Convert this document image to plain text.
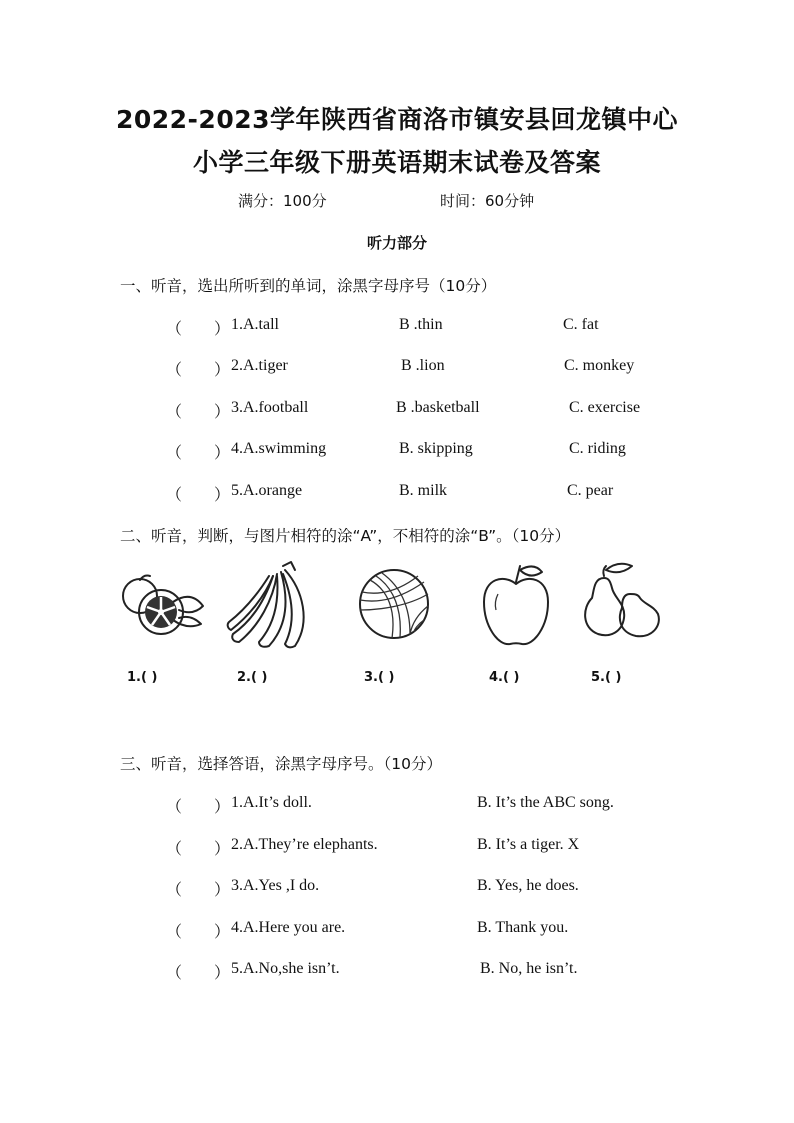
2022-2023学年陕西省商洛市镇安县回龙镇中心
小学三年级下册英语期末试卷及答案
满分：100分	时间：60分钟
听力部分
一、听音，选出所听到的单词，涂黑字母序号（10分）
（ ） 1.A.tall	B .thin	C. fat
（ ） 2.A.tiger	B .lion	C. monkey
（ ） 3.A.football	B .basketball	C. exercise
（ ） 4.A.swimming	B. skipping	C. riding
（ ） 5.A.orange	B. milk	C. pear
二、听音，判断，与图片相符的涂“A”，不相符的涂“B”。（10分）
1.( )	2.( )	3.( )	4.( )	5.( )
三、听音，选择答语，涂黑字母序号。（10分）
（ ） 1.A.It’s doll.	B. It’s the ABC song.
（ ） 2.A.They’re elephants.	B. It’s a tiger. X
（ ） 3.A.Yes ,I do.	B. Yes, he does.
（ ） 4.A.Here you are.	B. Thank you.
（ ） 5.A.No,she isn’t.	B. No, he isn’t.
